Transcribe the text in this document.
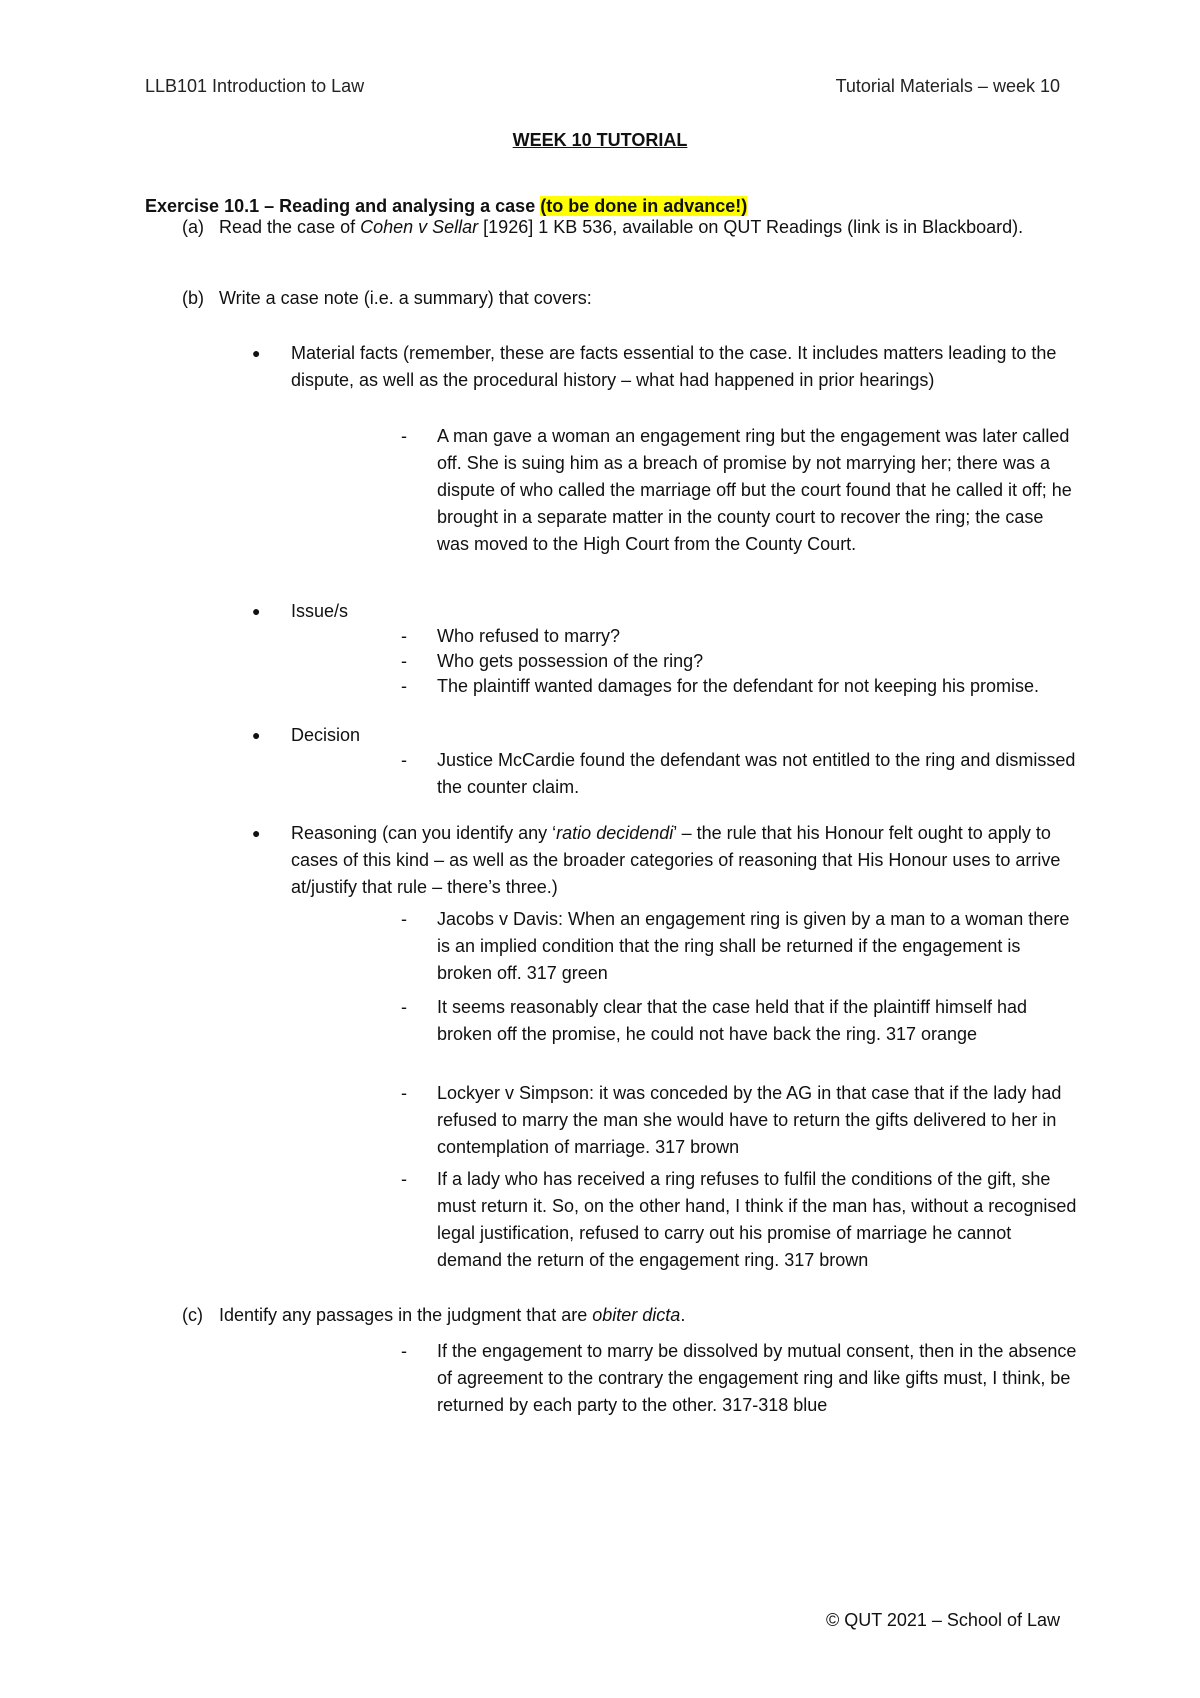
LLB101 Introduction to Law	Tutorial Materials – week 10
WEEK 10 TUTORIAL
Exercise 10.1 – Reading and analysing a case (to be done in advance!)
(a) Read the case of Cohen v Sellar [1926] 1 KB 536, available on QUT Readings (link is in Blackboard).
(b) Write a case note (i.e. a summary) that covers:
● Material facts (remember, these are facts essential to the case. It includes matters leading to the dispute, as well as the procedural history – what had happened in prior hearings)
- A man gave a woman an engagement ring but the engagement was later called off. She is suing him as a breach of promise by not marrying her; there was a dispute of who called the marriage off but the court found that he called it off; he brought in a separate matter in the county court to recover the ring; the case was moved to the High Court from the County Court.
● Issue/s
- Who refused to marry?
- Who gets possession of the ring?
- The plaintiff wanted damages for the defendant for not keeping his promise.
● Decision
- Justice McCardie found the defendant was not entitled to the ring and dismissed the counter claim.
● Reasoning (can you identify any ‘ratio decidendi’ – the rule that his Honour felt ought to apply to cases of this kind – as well as the broader categories of reasoning that His Honour uses to arrive at/justify that rule – there’s three.)
- Jacobs v Davis: When an engagement ring is given by a man to a woman there is an implied condition that the ring shall be returned if the engagement is broken off. 317 green
- It seems reasonably clear that the case held that if the plaintiff himself had broken off the promise, he could not have back the ring. 317 orange
- Lockyer v Simpson: it was conceded by the AG in that case that if the lady had refused to marry the man she would have to return the gifts delivered to her in contemplation of marriage. 317 brown
- If a lady who has received a ring refuses to fulfil the conditions of the gift, she must return it. So, on the other hand, I think if the man has, without a recognised legal justification, refused to carry out his promise of marriage he cannot demand the return of the engagement ring. 317 brown
(c) Identify any passages in the judgment that are obiter dicta.
- If the engagement to marry be dissolved by mutual consent, then in the absence of agreement to the contrary the engagement ring and like gifts must, I think, be returned by each party to the other. 317-318 blue
© QUT 2021 – School of Law
